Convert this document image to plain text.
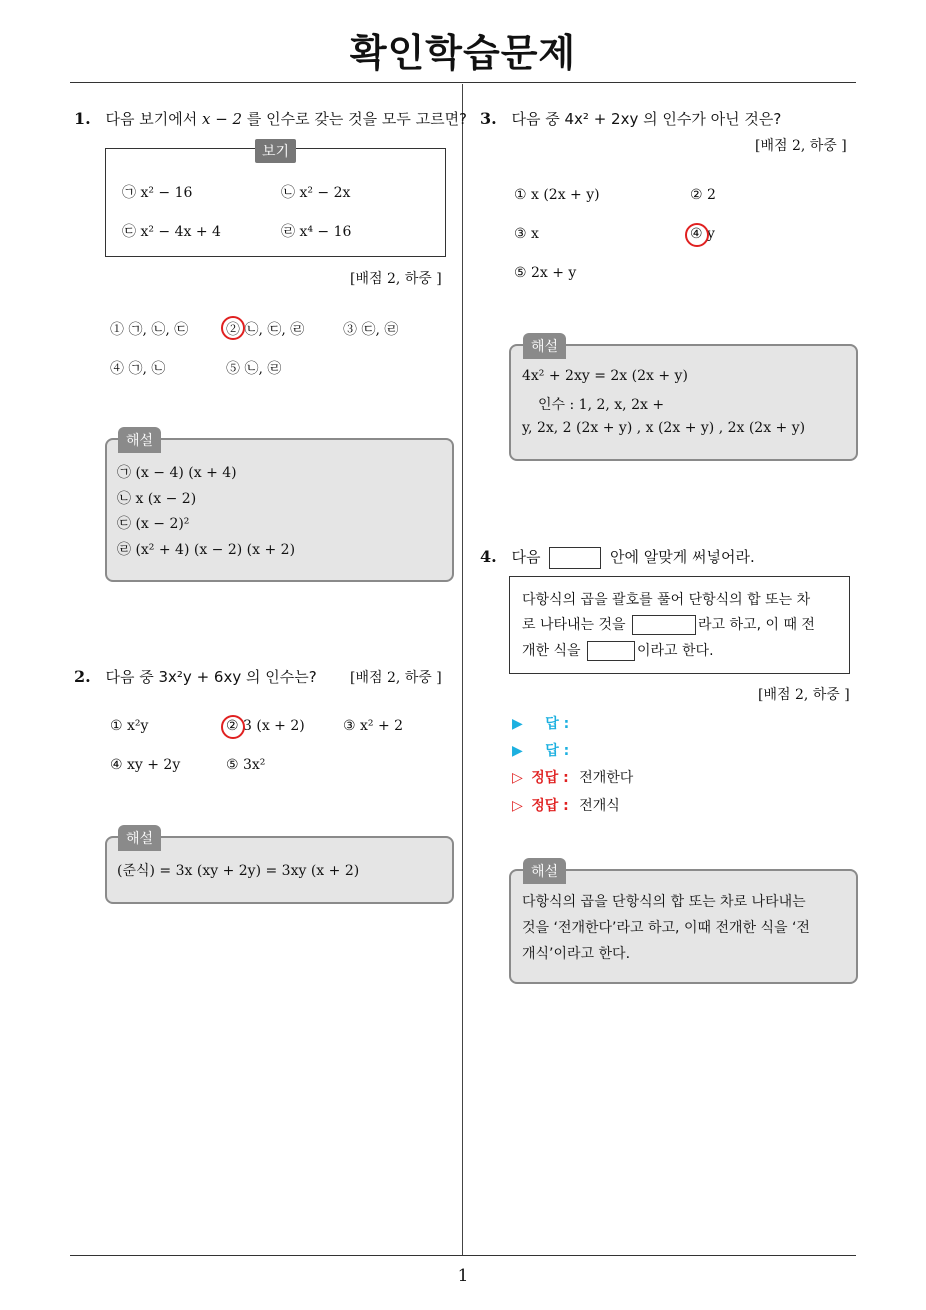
확인학습문제
1. 다음 보기에서 x − 2 를 인수로 갖는 것을 모두 고르면?
보기
㉠ x² − 16	㉡ x² − 2x
㉢ x² − 4x + 4	㉣ x⁴ − 16
[배점 2, 하중 ]
① ㉠, ㉡, ㉢	② ㉡, ㉢, ㉣	③ ㉢, ㉣
④ ㉠, ㉡	⑤ ㉡, ㉣
해설
㉠ (x − 4) (x + 4)
㉡ x (x − 2)
㉢ (x − 2)²
㉣ (x² + 4) (x − 2) (x + 2)
2. 다음 중 3x²y + 6xy 의 인수는? [배점 2, 하중 ]
① x²y	② 3 (x + 2)	③ x² + 2
④ xy + 2y	⑤ 3x²
해설
(준식) = 3x (xy + 2y) = 3xy (x + 2)
3. 다음 중 4x² + 2xy 의 인수가 아닌 것은?
[배점 2, 하중 ]
① x (2x + y)	② 2
③ x	④ y
⑤ 2x + y
해설
4x² + 2xy = 2x (2x + y)
인수 : 1, 2, x, 2x +
y, 2x, 2 (2x + y) , x (2x + y) , 2x (2x + y)
4. 다음	안에 알맞게 써넣어라.
다항식의 곱을 괄호를 풀어 단항식의 합 또는 차
로 나타내는 것을	라고 하고, 이 때 전
개한 식을	이라고 한다.
[배점 2, 하중 ]
▶ 답 :
▶ 답 :
▷ 정답 : 전개한다
▷ 정답 : 전개식
해설
다항식의 곱을 단항식의 합 또는 차로 나타내는
것을 ‘전개한다’라고 하고, 이때 전개한 식을 ‘전
개식’이라고 한다.
1
